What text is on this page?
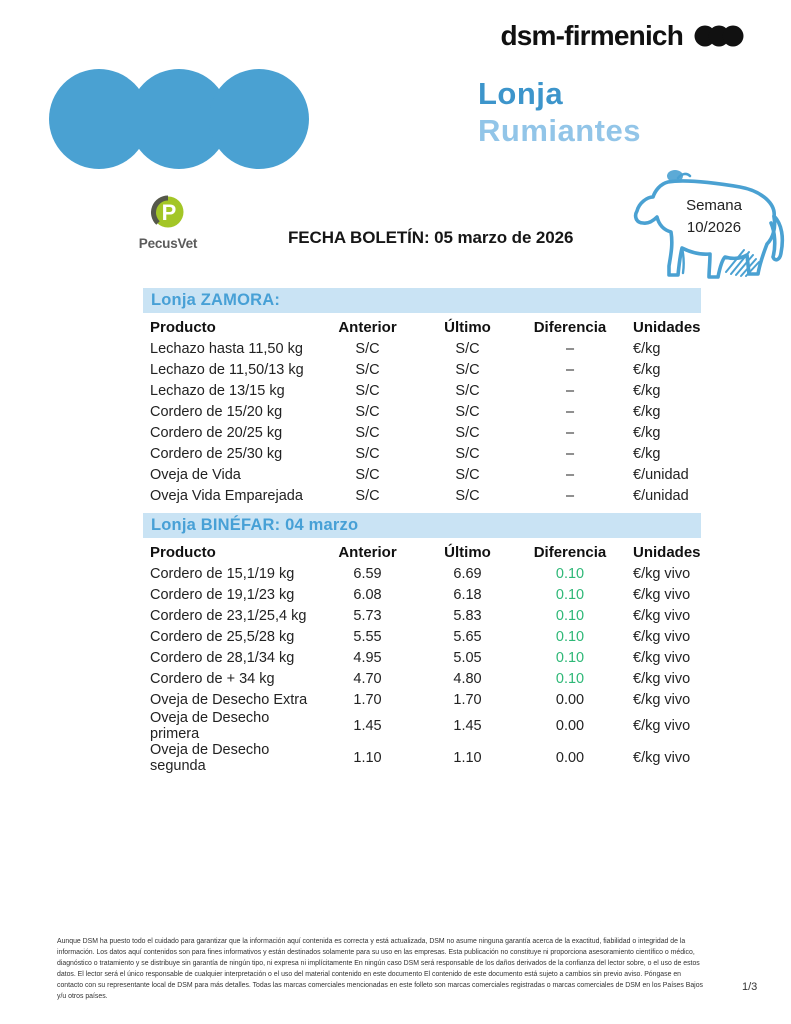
dsm-firmenich
Lonja
Rumiantes
P
PecusVet	FECHA BOLETÍN: 05 marzo de 2026
Semana
10/2026
Lonja ZAMORA:
Producto	Anterior	Último	Diferencia	Unidades
Lechazo hasta 11,50 kg	S/C	S/C	–	€/kg
Lechazo de 11,50/13 kg	S/C	S/C	–	€/kg
Lechazo de 13/15 kg	S/C	S/C	–	€/kg
Cordero de 15/20 kg	S/C	S/C	–	€/kg
Cordero de 20/25 kg	S/C	S/C	–	€/kg
Cordero de 25/30 kg	S/C	S/C	–	€/kg
Oveja de Vida	S/C	S/C	–	€/unidad
Oveja Vida Emparejada	S/C	S/C	–	€/unidad
Lonja BINÉFAR: 04 marzo
Producto	Anterior	Último	Diferencia	Unidades
Cordero de 15,1/19 kg	6.59	6.69	0.10	€/kg vivo
Cordero de 19,1/23 kg	6.08	6.18	0.10	€/kg vivo
Cordero de 23,1/25,4 kg	5.73	5.83	0.10	€/kg vivo
Cordero de 25,5/28 kg	5.55	5.65	0.10	€/kg vivo
Cordero de 28,1/34 kg	4.95	5.05	0.10	€/kg vivo
Cordero de + 34 kg	4.70	4.80	0.10	€/kg vivo
Oveja de Desecho Extra	1.70	1.70	0.00	€/kg vivo
Oveja de Desecho primera	1.45	1.45	0.00	€/kg vivo
Oveja de Desecho segunda	1.10	1.10	0.00	€/kg vivo
Aunque DSM ha puesto todo el cuidado para garantizar que la información aquí contenida es correcta y está actualizada, DSM no asume ninguna garantía acerca de la exactitud, fiabilidad o integridad de la información. Los datos aquí contenidos son para fines informativos y están destinados solamente para su uso en las empresas. Esta publicación no constituye ni proporciona asesoramiento científico o médico, diagnóstico o tratamiento y se distribuye sin garantía de ningún tipo, ni expresa ni implícitamente En ningún caso DSM será responsable de los daños derivados de la confianza del lector sobre, o el uso de estos datos. El lector será el único responsable de cualquier interpretación o el uso del material contenido en este documento El contenido de este documento está sujeto a cambios sin previo aviso. Póngase en contacto con su representante local de DSM para más detalles. Todas las marcas comerciales mencionadas en este folleto son marcas comerciales registradas o marcas comerciales de DSM en los Países Bajos y/u otros países.
1/3
